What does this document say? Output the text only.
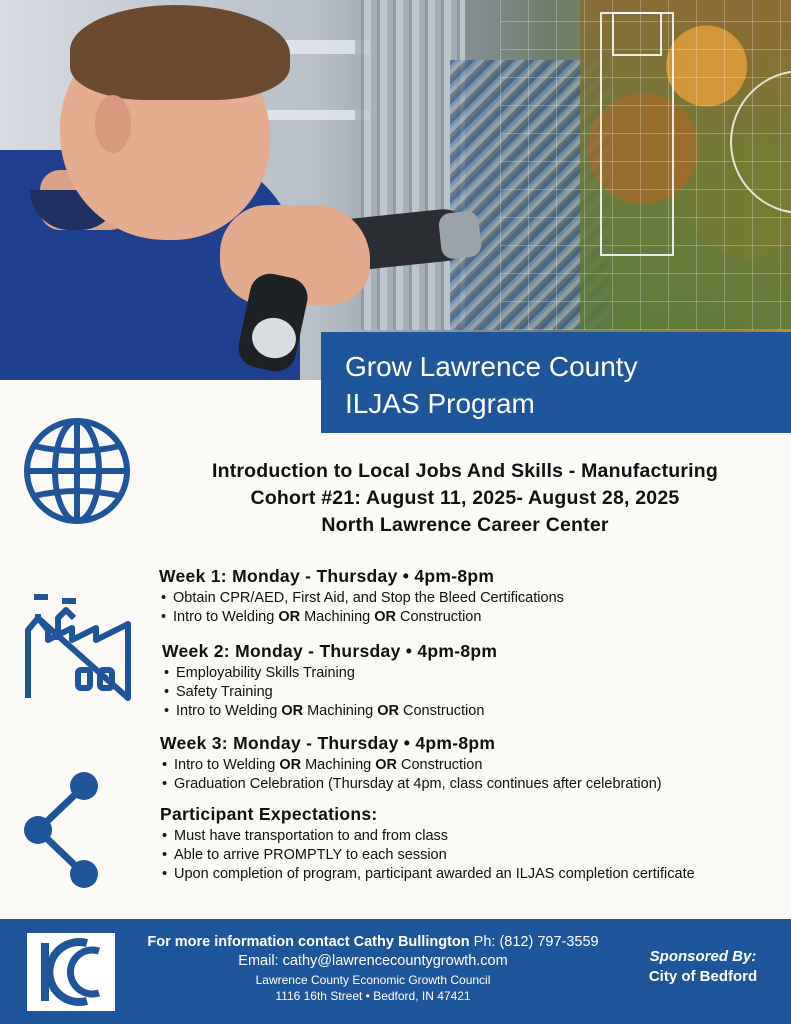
Grow Lawrence County
ILJAS Program
Introduction to Local Jobs And Skills - Manufacturing
Cohort #21: August 11, 2025- August 28, 2025
North Lawrence Career Center
Week 1: Monday - Thursday • 4pm-8pm
• Obtain CPR/AED, First Aid, and Stop the Bleed Certifications
• Intro to Welding OR Machining OR Construction
Week 2: Monday - Thursday • 4pm-8pm
• Employability Skills Training
• Safety Training
• Intro to Welding OR Machining OR Construction
Week 3: Monday - Thursday • 4pm-8pm
• Intro to Welding OR Machining OR Construction
• Graduation Celebration (Thursday at 4pm, class continues after celebration)
Participant Expectations:
• Must have transportation to and from class
• Able to arrive PROMPTLY to each session
• Upon completion of program, participant awarded an ILJAS completion certificate
For more information contact Cathy Bullington Ph: (812) 797-3559
Email: cathy@lawrencecountygrowth.com
Lawrence County Economic Growth Council
1116 16th Street • Bedford, IN 47421
Sponsored By:
City of Bedford
